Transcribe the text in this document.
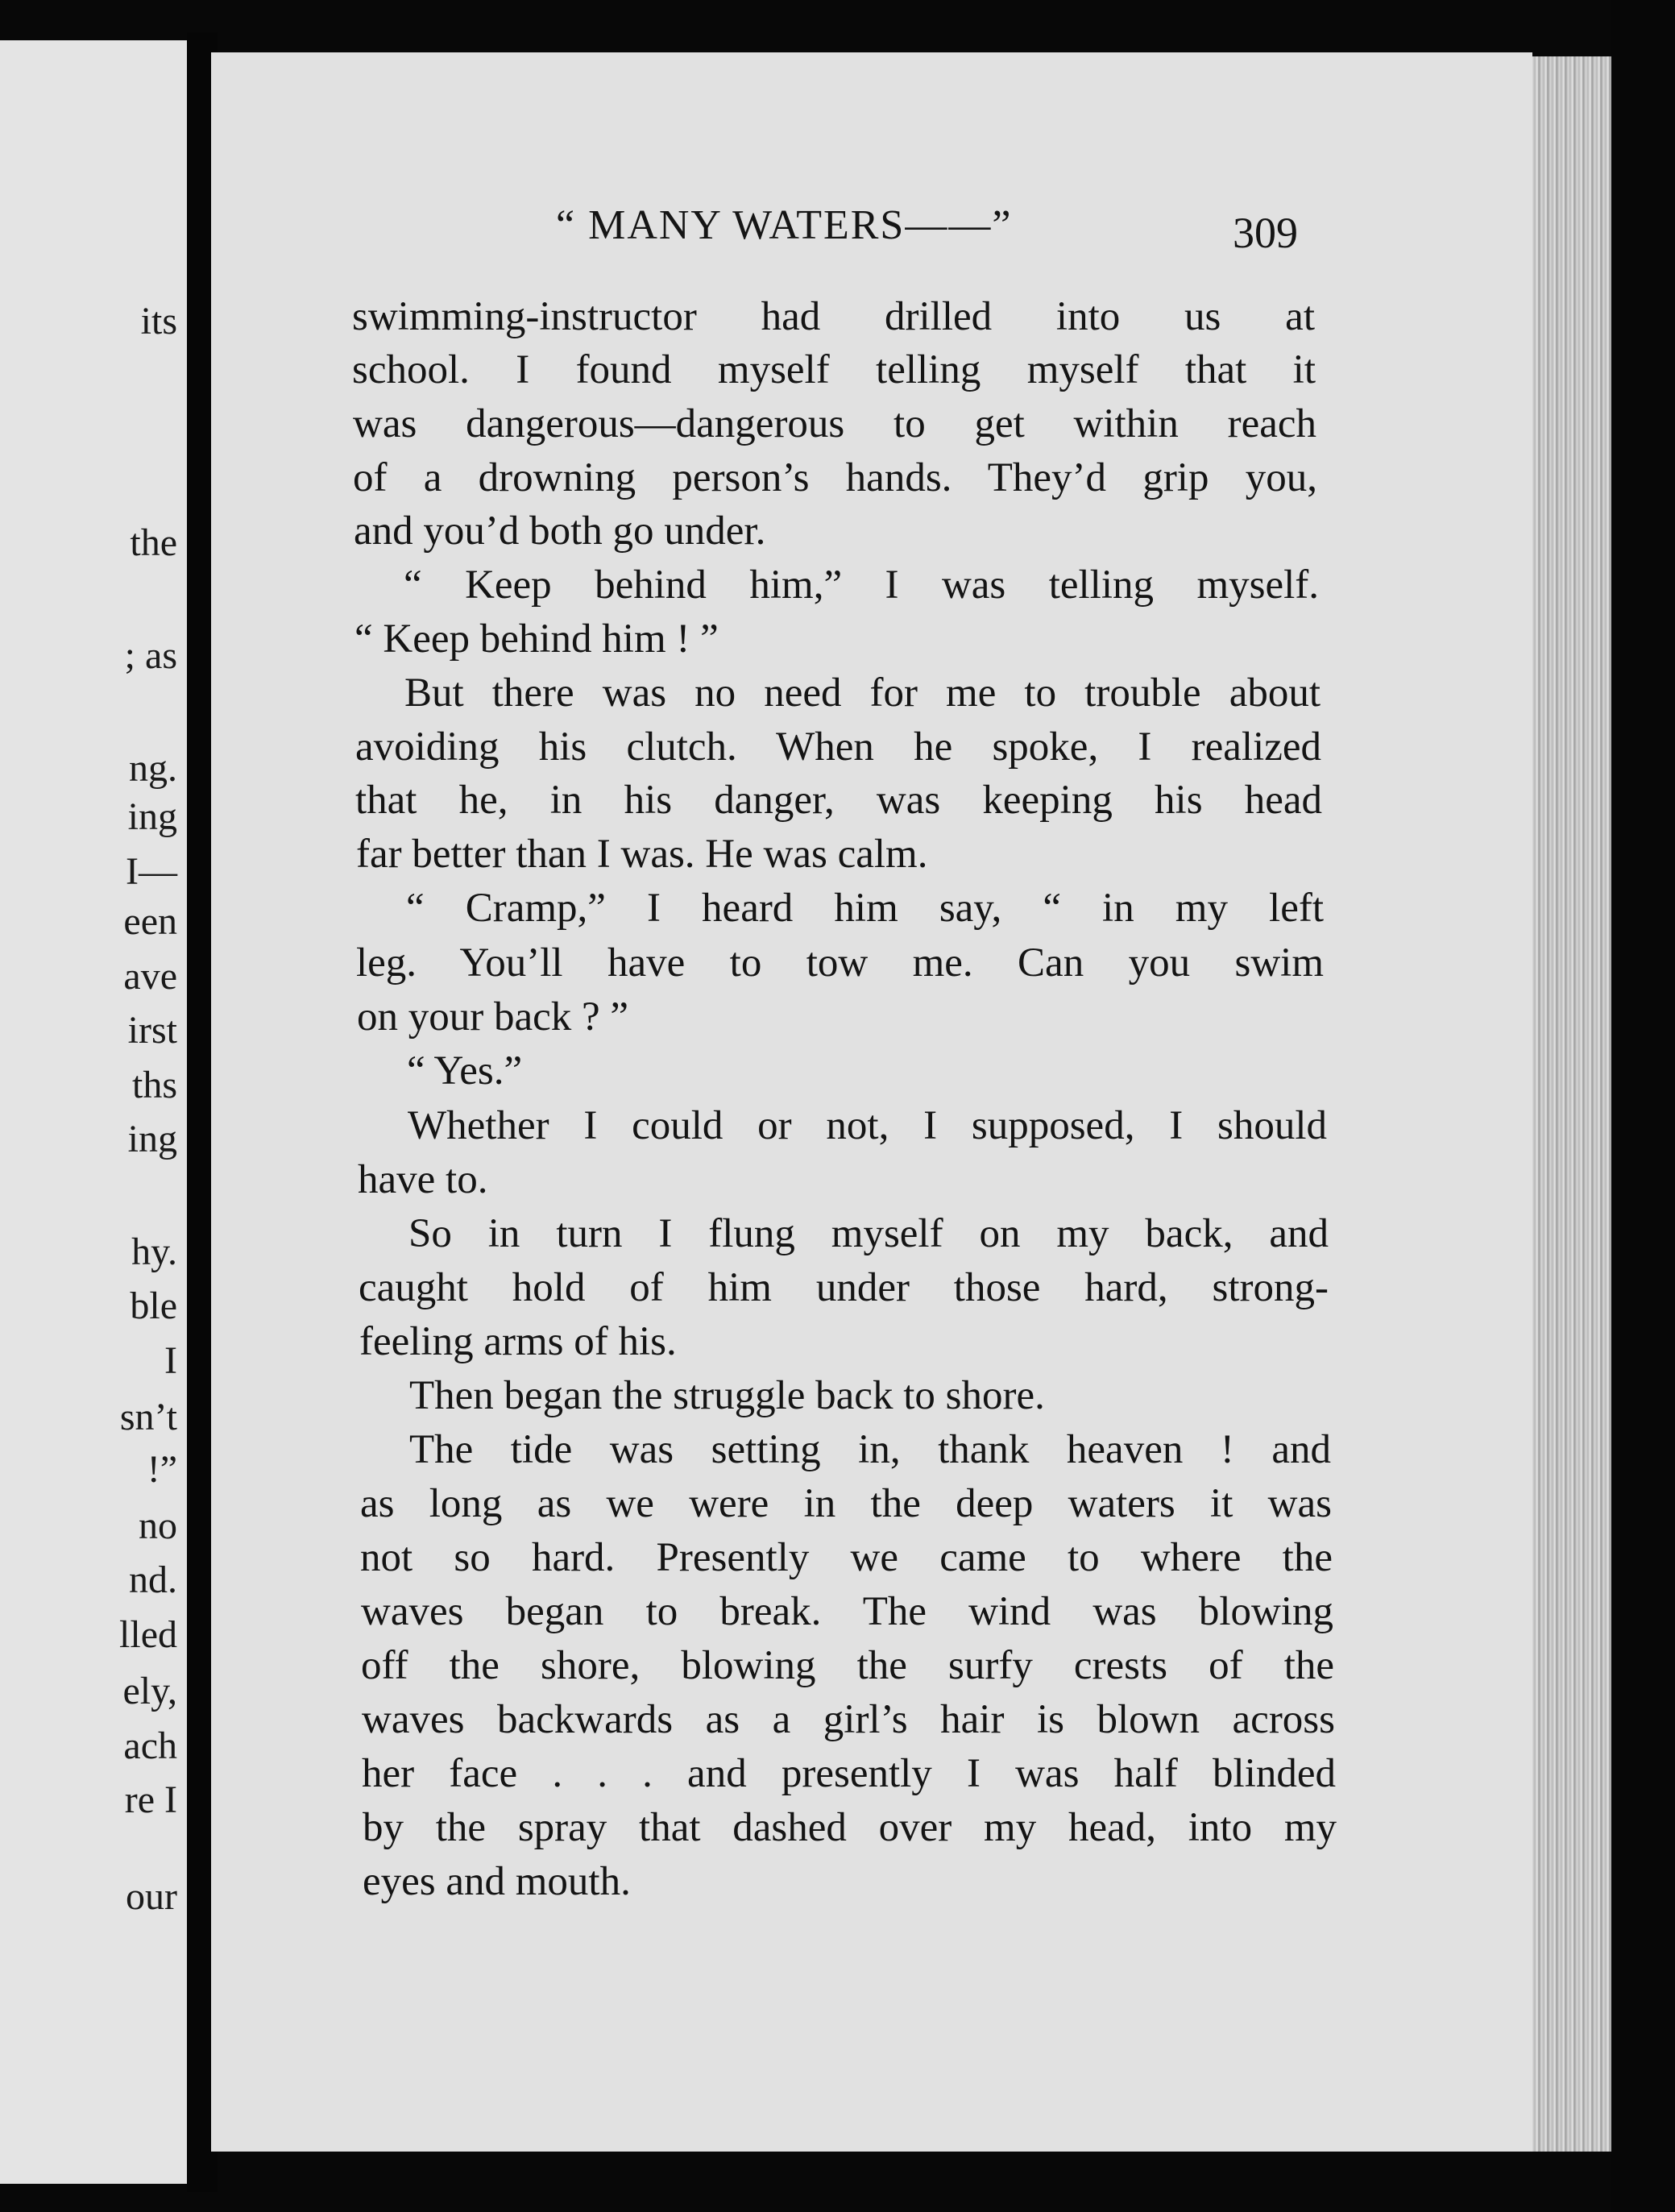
its
the
; as
ng.
ing
I—
een
ave
irst
ths
ing
hy.
ble
I
sn’t
!”
no
nd.
lled
ely,
ach
re I
our
“ MANY WATERS——”	309
swimming-instructor had drilled into us at
school. I found myself telling myself that it
was dangerous—dangerous to get within reach
of a drowning person’s hands. They’d grip you,
and you’d both go under.
“ Keep behind him,” I was telling myself.
“ Keep behind him ! ”
But there was no need for me to trouble about
avoiding his clutch. When he spoke, I realized
that he, in his danger, was keeping his head
far better than I was. He was calm.
“ Cramp,” I heard him say, “ in my left
leg. You’ll have to tow me. Can you swim
on your back ? ”
“ Yes.”
Whether I could or not, I supposed, I should
have to.
So in turn I flung myself on my back, and
caught hold of him under those hard, strong-
feeling arms of his.
Then began the struggle back to shore.
The tide was setting in, thank heaven ! and
as long as we were in the deep waters it was
not so hard. Presently we came to where the
waves began to break. The wind was blowing
off the shore, blowing the surfy crests of the
waves backwards as a girl’s hair is blown across
her face . . . and presently I was half blinded
by the spray that dashed over my head, into my
eyes and mouth.
